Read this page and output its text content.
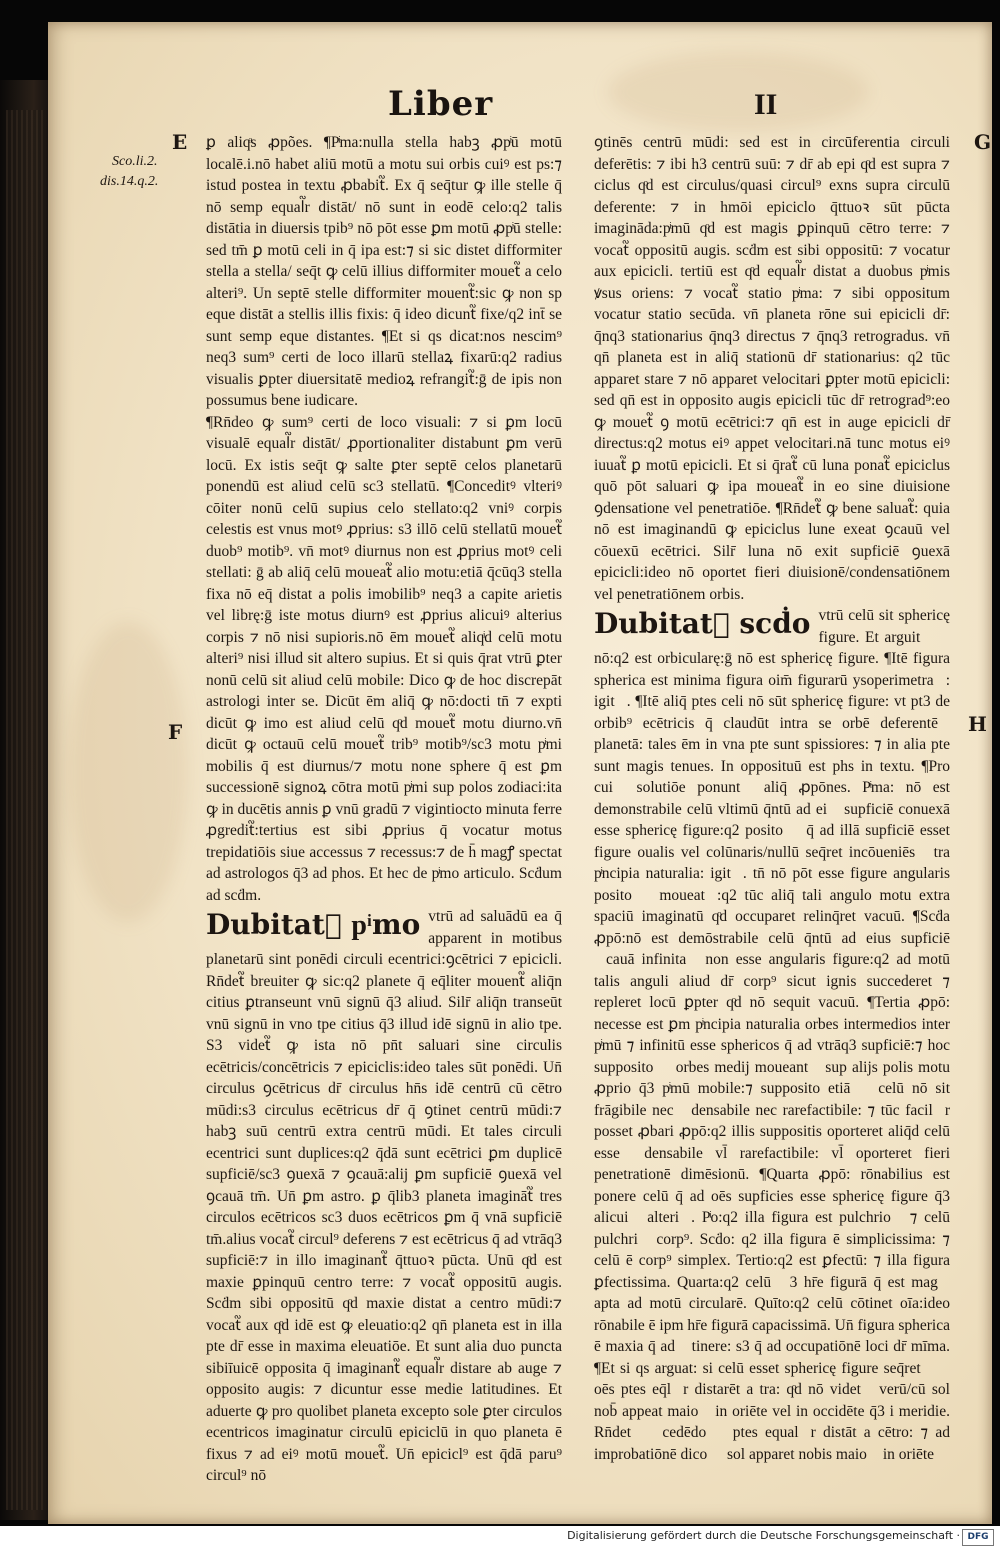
Liber	II
E
Sco.li.2.
dis.14.q.2.
F
G
H

ꝑ aliqͣs ꝓpões. ¶Pͥma:nulla stella habꝫ ꝓpͥū motū localē.i.nō habet aliū motū a motu sui orbis cuiꝰ est ps:⁊ istud postea in textu ꝓbabit᷑. Ex q̄ seq̄tur ꝙ ille stelle q̄ nō semp equal᷑r distāt/ nō sunt in eodē celo:q2 talis distātia in diuersis tpib⁹ nō pōt esse ꝑm motū ꝓpͥū stelle: sed tm̄ ꝑ motū celi in q̄ ipa est:⁊ si sic distet difformiter stella a stella/ seq̄t ꝙ celū illius difformiter mouet᷑ a celo alteri⁹. Un septē stelle difformiter mouent᷑:sic ꝙ non sp eque distāt a stellis illis fixis: q̄ ideo dicunt᷑ fixe/q2 int̄ se sunt semp eque distantes. ¶Et si qs dicat:nos nescim⁹ neq3 sum⁹ certi de loco illarū stellaꝝ fixarū:q2 radius visualis ꝑpter diuersitatē medioꝝ refrangit᷑:ḡ de ipis non possumus bene iudicare.

¶Rn̄deo ꝙ sum⁹ certi de loco visuali: ⁊ si ꝑm locū visualē equal᷑r distāt/ ꝓportionaliter distabunt ꝑm verū locū. Ex istis seq̄t ꝙ salte ꝑter septē celos planetarū ponendū est aliud celū sc3 stellatū. ¶Conceditꝰ vlteriꝰ cōiter nonū celū supius celo stellato:q2 vniꝰ corpis celestis est vnus motꝰ ꝓprius: s3 illō celū stellatū mouet᷑ duob⁹ motib⁹. vn̄ motꝰ diurnus non est ꝓprius motꝰ celi stellati: ḡ ab aliq̄ celū moueat᷑ alio motu:etiā q̄cūq3 stella fixa nō eq̄ distat a polis imobilib⁹ neq3 a capite arietis vel librę:ḡ iste motus diurnꝰ est ꝓprius alicuiꝰ alterius corpis ⁊ nō nisi supioris.nō ēm mouet᷑ aliqͥd celū motu alteri⁹ nisi illud sit altero supius. Et si quis q̄rat vtrū ꝑter nonū celū sit aliud celū mobile: Dico ꝙ de hoc discrepāt astrologi inter se. Dicūt ēm aliq̄ ꝙ nō:docti tn̄ ⁊ expti dicūt ꝙ imo est aliud celū qͦd mouet᷑ motu diurno.vn̄ dicūt ꝙ octauū celū mouet᷑ trib⁹ motib⁹/sc3 motu pͥmi mobilis q̄ est diurnus/⁊ motu none sphere q̄ est ꝑm successionē signoꝝ cōtra motū pͥmi sup polos zodiaci:ita ꝙ in ducētis annis ꝑ vnū gradū ⁊ vigintiocto minuta ferre ꝓgredit᷑:tertius est sibi ꝓprius q̄ vocatur motus trepidatiōis siue accessus ⁊ recessus:⁊ de h̄ magꝭ spectat ad astrologos q̄3 ad phos. Et hec de pͥmo articulo. Scḋum ad scḋm.

Dubitat᷑ pͥmo vtrū ad saluādū ea q̄ apparent in motibus planetarū sint ponēdi circuli ecentrici:ꝯcētrici ⁊ epicicli. Rn̄det᷑ breuiter ꝙ sic:q2 planete q̄ eq̄liter mouent᷑ aliq̄n citius ꝑtranseunt vnū signū q̄3 aliud. Silr̄ aliq̄n transeūt vnū signū in vno tpe citius q̄3 illud idē signū in alio tpe. S3 videt᷑ ꝙ ista nō pn̄t saluari sine circulis ecētricis/concētricis ⁊ epiciclis:ideo tales sūt ponēdi. Un̄ circulus ꝯcētricus dr̄ circulus hn̄s idē centrū cū cētro mūdi:s3 circulus ecētricus dr̄ q̄ ꝯtinet centrū mūdi:⁊ habꝫ suū centrū extra centrū mūdi. Et tales circuli ecentrici sunt duplices:q2 q̄dā sunt ecētrici ꝑm duplicē supficiē/sc3 ꝯuexā ⁊ ꝯcauā:alij ꝑm supficiē ꝯuexā vel ꝯcauā tm̄. Un̄ ꝑm astro. ꝑ q̄lib3 planeta imagināt᷑ tres circulos ecētricos sc3 duos ecētricos ꝑm q̄ vnā supficiē tm̄.alius vocat᷑ circul⁹ deferens ⁊ est ecētricus q̄ ad vtrāq3 supficiē:⁊ in illo imaginant᷑ q̄ttuoꝛ pūcta. Unū qͦd est maxie ꝑpinquū centro terre: ⁊ vocat᷑ oppositū augis. Scḋm sibi oppositū qͦd maxie distat a centro mūdi:⁊ vocat᷑ aux qͦd idē est ꝙ eleuatio:q2 qn̄ planeta est in illa pte dr̄ esse in maxima eleuatiōe. Et sunt alia duo puncta sibiīuicē opposita q̄ imaginant᷑ equal᷑r distare ab auge ⁊ opposito augis: ⁊ dicuntur esse medie latitudines. Et aduerte ꝙ pro quolibet planeta excepto sole ꝑter circulos ecentricos imaginatur circulū epiciclū in quo planeta ē fixus ⁊ ad eiꝰ motū mouet᷑. Un̄ epicicl⁹ est q̄dā paru⁹ circul⁹ nō

ꝯtinēs centrū mūdi: sed est in circūferentia circuli deferētis: ⁊ ibi h3 centrū suū: ⁊ dr̄ ab epi qͦd est supra ⁊ ciclus qͦd est circulus/quasi circul⁹ exns supra circulū deferente: ⁊ in hmōi epiciclo q̄ttuoꝛ sūt pūcta imagināda:pͥmū qͦd est magis ꝑpinquū cētro terre: ⁊ vocat᷑ oppositū augis. scḋm est sibi oppositū: ⁊ vocatur aux epicicli. tertiū est qͦd equal᷑r distat a duobus pͥmis ꝟsus oriens: ⁊ vocat᷑ statio pͥma: ⁊ sibi oppositum vocatur statio secūda. vn̄ planeta rōne sui epicicli dr̄: q̄nq3 stationarius q̄nq3 directus ⁊ q̄nq3 retrogradus. vn̄ qn̄ planeta est in aliq̄ stationū dr̄ stationarius: q2 tūc apparet stare ⁊ nō apparet velocitari ꝑpter motū epicicli: sed qn̄ est in opposito augis epicicli tūc dr̄ retrograd⁹:eo ꝙ mouet᷑ ꝯ motū ecētrici:⁊ qn̄ est in auge epicicli dr̄ directus:q2 motus eiꝰ appet velocitari.nā tunc motus eiꝰ iuuat᷑ ꝑ motū epicicli. Et si q̄rat᷑ cū luna ponat᷑ epiciclus quō pōt saluari ꝙ ipa moueat᷑ in eo sine diuisione ꝯdensatione vel penetratiōe. ¶Rn̄det᷑ ꝙ bene saluat᷑: quia nō est imaginandū ꝙ epiciclus lune exeat ꝯcauū vel cōuexū ecētrici. Silr̄ luna nō exit supficiē ꝯuexā epicicli:ideo nō oportet fieri diuisionē/condensatiōnem vel penetratiōnem orbis.

Dubitat᷑ scḋo vtrū celū sit sphericę figure. Et arguit᷑ ꝙ nō:q2 est orbicularę:ḡ nō est sphericę figure. ¶Itē figura spherica est minima figura oim̄ figurarū ysoperimetraꝝ: igit᷑. ¶Itē aliq̄ ptes celi nō sūt sphericę figure: vt pt3 de orbib⁹ ecētricis q̄ claudūt intra se orbē deferentēꝫ planetā: tales ēm in vna pte sunt spissiores: ⁊ in alia pte sunt magis tenues. In opposituū est phs in textu. ¶Pro cuiꝰ solutiōe ponunt᷑ aliq̄ ꝓpōnes. Pͥma: nō est demonstrabile celū vltimū q̄ntū ad eiꝰ supficiē conuexā esse sphericę figure:q2 posito ꝙ q̄ ad illā supficiē esset figure oualis vel colūnaris/nullū seq̄ret incōueniēs ꝯtra pͥncipia naturalia: igit᷑. tn̄ nō pōt esse figure angularis posito ꝙ moueat᷑:q2 tūc aliq̄ tali angulo motu extra spaciū imaginatū qͦd occuparet relinq̄ret vacuū. ¶Scḋa ꝓpō:nō est demōstrabile celū q̄ntū ad eius supficiē ꝯcauā infinitaꝫ non esse angularis figure:q2 ad motū talis anguli aliud dr̄ corp⁹ sicut ignis succederet ⁊ repleret locū ꝑpter qͦd nō sequit vacuū. ¶Tertia ꝓpō: necesse est ꝑm pͥncipia naturalia orbes intermedios inter pͥmū ⁊ infinitū esse sphericos q̄ ad vtrāq3 supficiē:⁊ hoc supposito ꝙ orbes medij moueant᷑ sup alijs polis motu ꝓprio q̄3 pͥmū mobile:⁊ supposito etiā ꝙ celū nō sit frāgibile nec ꝯdensabile nec rarefactibile: ⁊ tūc facil᷑r posset ꝓbari ꝓpō:q2 illis suppositis oporteret aliq̄d celū esse ꝯdensabile vl̄ rarefactibile: vl̄ oporteret fieri penetrationē dimēsionū. ¶Quarta ꝓpō: rōnabilius est ponere celū q̄ ad oēs supficies esse sphericę figure q̄3 alicuiꝰ alteriꝰ. Pͥo:q2 illa figura est pulchrioꝛ ⁊ celū pulchriꝰ corp⁹. Scḋo: q2 illa figura ē simplicissima: ⁊ celū ē corp⁹ simplex. Tertio:q2 est ꝑfectū: ⁊ illa figura ꝑfectissima. Quarta:q2 celū ꝯ3 hr̄e figurā q̄ est magꝭ apta ad motū circularē. Quīto:q2 celū cōtinet oīa:ideo rōnabile ē ipm hr̄e figurā capacissimā. Un̄ figura spherica ē maxia q̄ ad ꝯtinere: s3 q̄ ad occupatiōnē loci dr̄ mīma. ¶Et si qs arguat: si celū esset sphericę figure seq̄ret᷑ ꝙ oēs ptes eq̄l᷑r distarēt a tra: qͦd nō videt᷑ verū/cū sol nob̄ appeat maioꝛ in oriēte vel in occidēte q̄3 i meridie. Rn̄det᷑ ꝯcedēdo ꝙ ptes equal᷑r distāt a cētro: ⁊ ad improbatiōnē dico ꝙ sol apparet nobis maioꝛ in oriēte

Digitalisierung gefördert durch die Deutsche Forschungsgemeinschaft · DFG
